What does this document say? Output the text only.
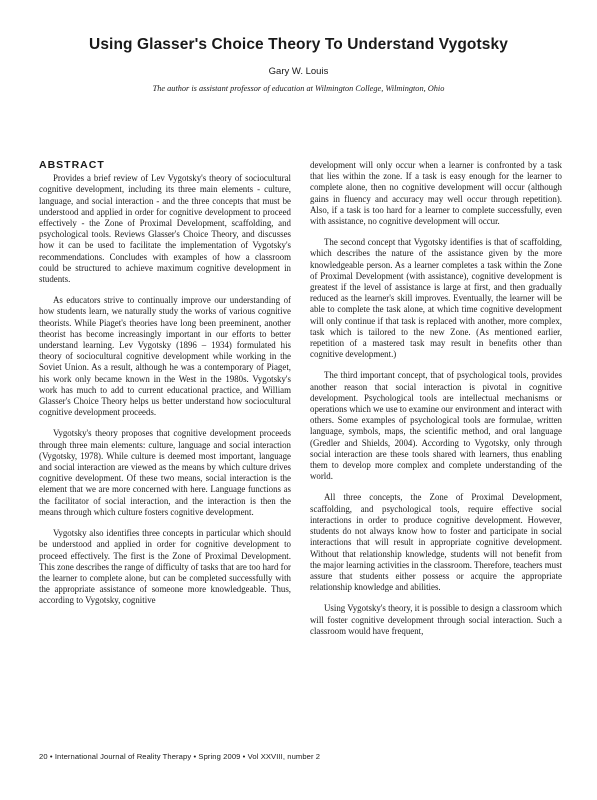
Using Glasser's Choice Theory To Understand Vygotsky
Gary W. Louis
The author is assistant professor of education at Wilmington College, Wilmington, Ohio
ABSTRACT

Provides a brief review of Lev Vygotsky's theory of sociocultural cognitive development, including its three main elements - culture, language, and social interaction - and the three concepts that must be understood and applied in order for cognitive development to proceed effectively - the Zone of Proximal Development, scaffolding, and psychological tools. Reviews Glasser's Choice Theory, and discusses how it can be used to facilitate the implementation of Vygotsky's recommendations. Concludes with examples of how a classroom could be structured to achieve maximum cognitive development in students.

As educators strive to continually improve our understanding of how students learn, we naturally study the works of various cognitive theorists. While Piaget's theories have long been preeminent, another theorist has become increasingly important in our efforts to better understand learning. Lev Vygotsky (1896 – 1934) formulated his theory of sociocultural cognitive development while working in the Soviet Union. As a result, although he was a contemporary of Piaget, his work only became known in the West in the 1980s. Vygotsky's work has much to add to current educational practice, and William Glasser's Choice Theory helps us better understand how sociocultural cognitive development proceeds.

Vygotsky's theory proposes that cognitive development proceeds through three main elements: culture, language and social interaction (Vygotsky, 1978). While culture is deemed most important, language and social interaction are viewed as the means by which culture drives cognitive development. Of these two means, social interaction is the element that we are more concerned with here. Language functions as the facilitator of social interaction, and the interaction is then the means through which culture fosters cognitive development.

Vygotsky also identifies three concepts in particular which should be understood and applied in order for cognitive development to proceed effectively. The first is the Zone of Proximal Development. This zone describes the range of difficulty of tasks that are too hard for the learner to complete alone, but can be completed successfully with the appropriate assistance of someone more knowledgeable. Thus, according to Vygotsky, cognitive

development will only occur when a learner is confronted by a task that lies within the zone. If a task is easy enough for the learner to complete alone, then no cognitive development will occur (although gains in fluency and accuracy may well occur through repetition). Also, if a task is too hard for a learner to complete successfully, even with assistance, no cognitive development will occur.

The second concept that Vygotsky identifies is that of scaffolding, which describes the nature of the assistance given by the more knowledgeable person. As a learner completes a task within the Zone of Proximal Development (with assistance), cognitive development is greatest if the level of assistance is large at first, and then gradually reduced as the learner's skill improves. Eventually, the learner will be able to complete the task alone, at which time cognitive development will only continue if that task is replaced with another, more complex, task which is tailored to the new Zone. (As mentioned earlier, repetition of a mastered task may result in benefits other than cognitive development.)

The third important concept, that of psychological tools, provides another reason that social interaction is pivotal in cognitive development. Psychological tools are intellectual mechanisms or operations which we use to examine our environment and interact with others. Some examples of psychological tools are formulae, written language, symbols, maps, the scientific method, and oral language (Gredler and Shields, 2004). According to Vygotsky, only through social interaction are these tools shared with learners, thus enabling them to develop more complex and complete understanding of the world.

All three concepts, the Zone of Proximal Development, scaffolding, and psychological tools, require effective social interactions in order to produce cognitive development. However, students do not always know how to foster and participate in social interactions that will result in appropriate cognitive development. Without that relationship knowledge, students will not benefit from the major learning activities in the classroom. Therefore, teachers must assure that students either possess or acquire the appropriate relationship knowledge and abilities.

Using Vygotsky's theory, it is possible to design a classroom which will foster cognitive development through social interaction. Such a classroom would have frequent,

20 • International Journal of Reality Therapy • Spring 2009 • Vol XXVIII, number 2
